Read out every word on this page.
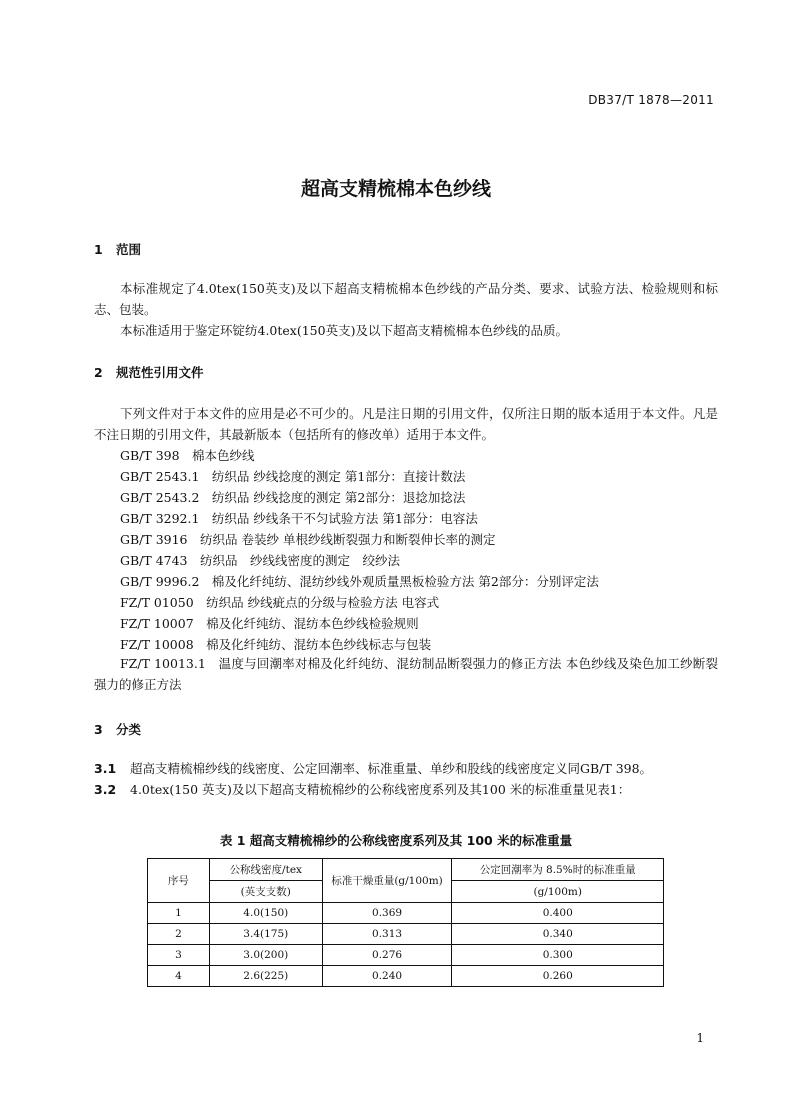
DB37/T 1878—2011
超高支精梳棉本色纱线
1 范围
本标准规定了4.0tex(150英支)及以下超高支精梳棉本色纱线的产品分类、要求、试验方法、检验规则和标志、包装。
本标准适用于鉴定环锭纺4.0tex(150英支)及以下超高支精梳棉本色纱线的品质。
2 规范性引用文件
下列文件对于本文件的应用是必不可少的。凡是注日期的引用文件，仅所注日期的版本适用于本文件。凡是不注日期的引用文件，其最新版本（包括所有的修改单）适用于本文件。
GB/T 398　棉本色纱线
GB/T 2543.1　纺织品 纱线捻度的测定 第1部分：直接计数法
GB/T 2543.2　纺织品 纱线捻度的测定 第2部分：退捻加捻法
GB/T 3292.1　纺织品 纱线条干不匀试验方法 第1部分：电容法
GB/T 3916　纺织品 卷装纱 单根纱线断裂强力和断裂伸长率的测定
GB/T 4743　纺织品　纱线线密度的测定　绞纱法
GB/T 9996.2　棉及化纤纯纺、混纺纱线外观质量黑板检验方法 第2部分：分别评定法
FZ/T 01050　纺织品 纱线疵点的分级与检验方法 电容式
FZ/T 10007　棉及化纤纯纺、混纺本色纱线检验规则
FZ/T 10008　棉及化纤纯纺、混纺本色纱线标志与包装
FZ/T 10013.1　温度与回潮率对棉及化纤纯纺、混纺制品断裂强力的修正方法 本色纱线及染色加工纱断裂强力的修正方法
3 分类
3.1 超高支精梳棉纱线的线密度、公定回潮率、标准重量、单纱和股线的线密度定义同GB/T 398。
3.2 4.0tex(150 英支)及以下超高支精梳棉纱的公称线密度系列及其100 米的标准重量见表1：
表 1 超高支精梳棉纱的公称线密度系列及其 100 米的标准重量
序号	公称线密度/tex	标准干燥重量(g/100m)	公定回潮率为 8.5%时的标准重量
	(英支支数)		(g/100m)
1	4.0(150)	0.369	0.400
2	3.4(175)	0.313	0.340
3	3.0(200)	0.276	0.300
4	2.6(225)	0.240	0.260
1
